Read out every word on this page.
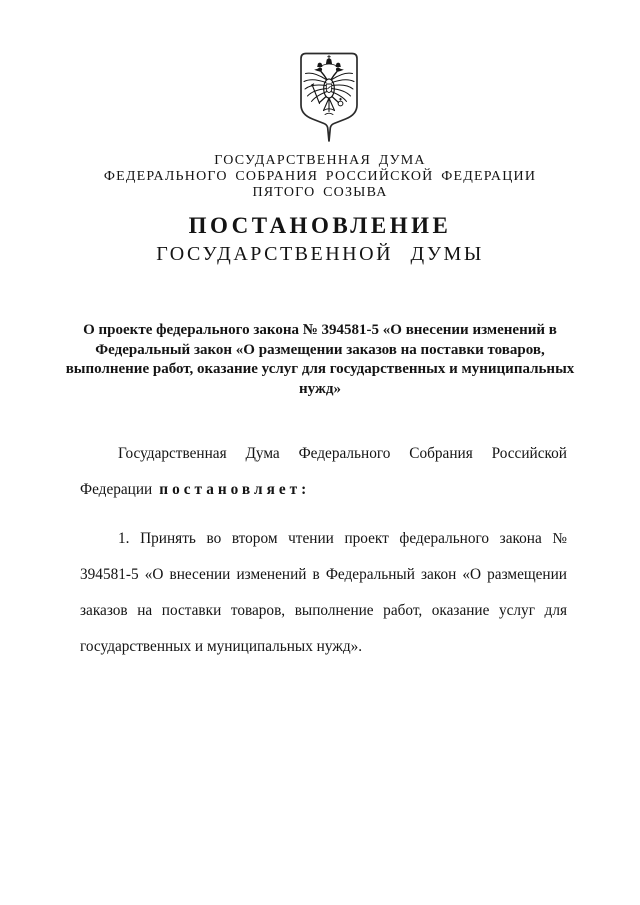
ГОСУДАРСТВЕННАЯ ДУМА
ФЕДЕРАЛЬНОГО СОБРАНИЯ РОССИЙСКОЙ ФЕДЕРАЦИИ
ПЯТОГО СОЗЫВА
ПОСТАНОВЛЕНИЕ
ГОСУДАРСТВЕННОЙ ДУМЫ
О проекте федерального закона № 394581-5 «О внесении изменений в Федеральный закон «О размещении заказов на поставки товаров, выполнение работ, оказание услуг для государственных и муниципальных нужд»

Государственная Дума Федерального Собрания Российской Федерации постановляет:

1. Принять во втором чтении проект федерального закона № 394581-5 «О внесении изменений в Федеральный закон «О размещении заказов на поставки товаров, выполнение работ, оказание услуг для государственных и муниципальных нужд».
